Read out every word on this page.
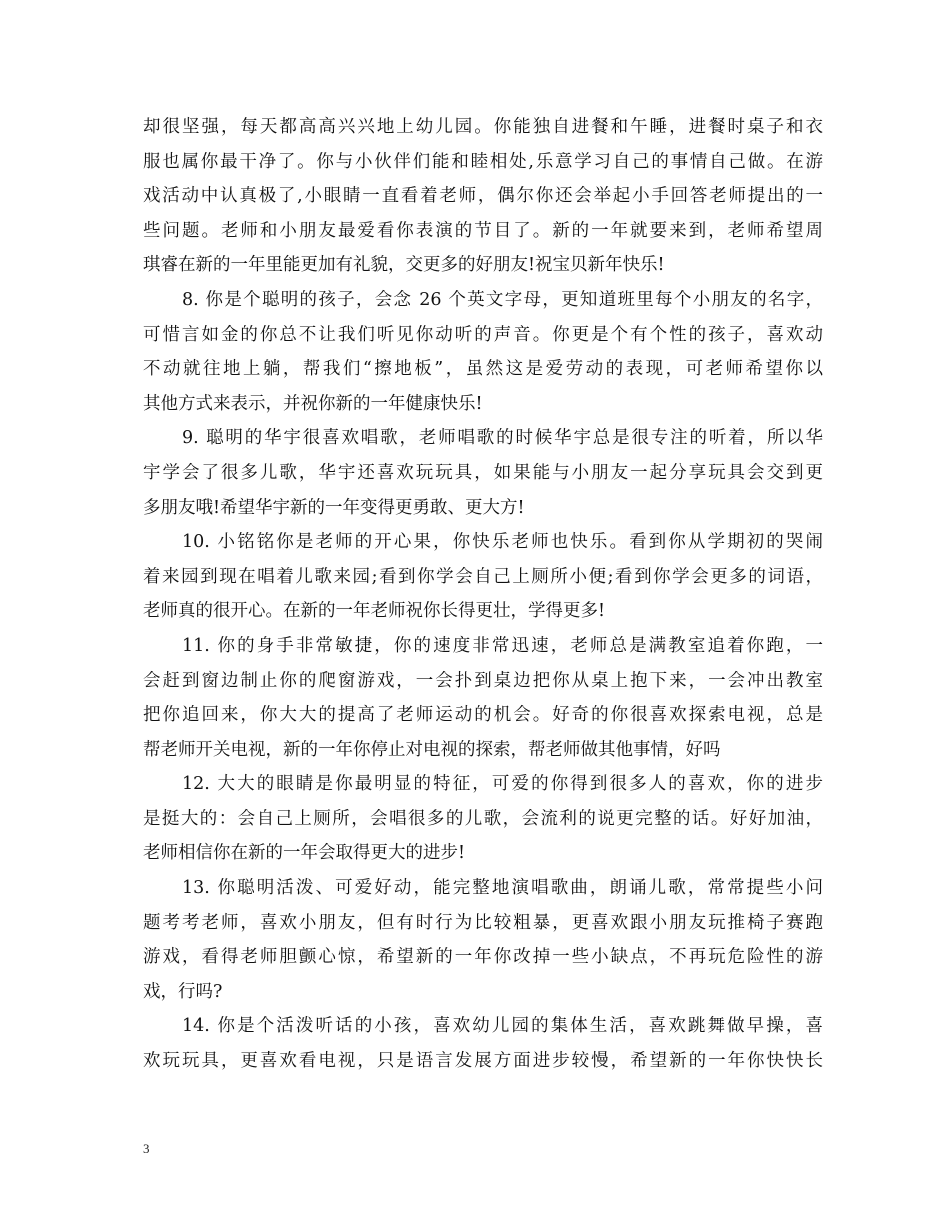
却很坚强，每天都高高兴兴地上幼儿园。你能独自进餐和午睡，进餐时桌子和衣
服也属你最干净了。你与小伙伴们能和睦相处,乐意学习自己的事情自己做。在游
戏活动中认真极了,小眼睛一直看着老师，偶尔你还会举起小手回答老师提出的一
些问题。老师和小朋友最爱看你表演的节目了。新的一年就要来到，老师希望周
琪睿在新的一年里能更加有礼貌，交更多的好朋友!祝宝贝新年快乐!
8. 你是个聪明的孩子，会念 26 个英文字母，更知道班里每个小朋友的名字，
可惜言如金的你总不让我们听见你动听的声音。你更是个有个性的孩子，喜欢动
不动就往地上躺，帮我们“擦地板”，虽然这是爱劳动的表现，可老师希望你以
其他方式来表示，并祝你新的一年健康快乐!
9. 聪明的华宇很喜欢唱歌，老师唱歌的时候华宇总是很专注的听着，所以华
宇学会了很多儿歌，华宇还喜欢玩玩具，如果能与小朋友一起分享玩具会交到更
多朋友哦!希望华宇新的一年变得更勇敢、更大方!
10. 小铭铭你是老师的开心果，你快乐老师也快乐。看到你从学期初的哭闹
着来园到现在唱着儿歌来园;看到你学会自己上厕所小便;看到你学会更多的词语，
老师真的很开心。在新的一年老师祝你长得更壮，学得更多!
11. 你的身手非常敏捷，你的速度非常迅速，老师总是满教室追着你跑，一
会赶到窗边制止你的爬窗游戏，一会扑到桌边把你从桌上抱下来，一会冲出教室
把你追回来，你大大的提高了老师运动的机会。好奇的你很喜欢探索电视，总是
帮老师开关电视，新的一年你停止对电视的探索，帮老师做其他事情，好吗
12. 大大的眼睛是你最明显的特征，可爱的你得到很多人的喜欢，你的进步
是挺大的：会自己上厕所，会唱很多的儿歌，会流利的说更完整的话。好好加油，
老师相信你在新的一年会取得更大的进步!
13. 你聪明活泼、可爱好动，能完整地演唱歌曲，朗诵儿歌，常常提些小问
题考考老师，喜欢小朋友，但有时行为比较粗暴，更喜欢跟小朋友玩推椅子赛跑
游戏，看得老师胆颤心惊，希望新的一年你改掉一些小缺点，不再玩危险性的游
戏，行吗?
14. 你是个活泼听话的小孩，喜欢幼儿园的集体生活，喜欢跳舞做早操，喜
欢玩玩具，更喜欢看电视，只是语言发展方面进步较慢，希望新的一年你快快长
3
